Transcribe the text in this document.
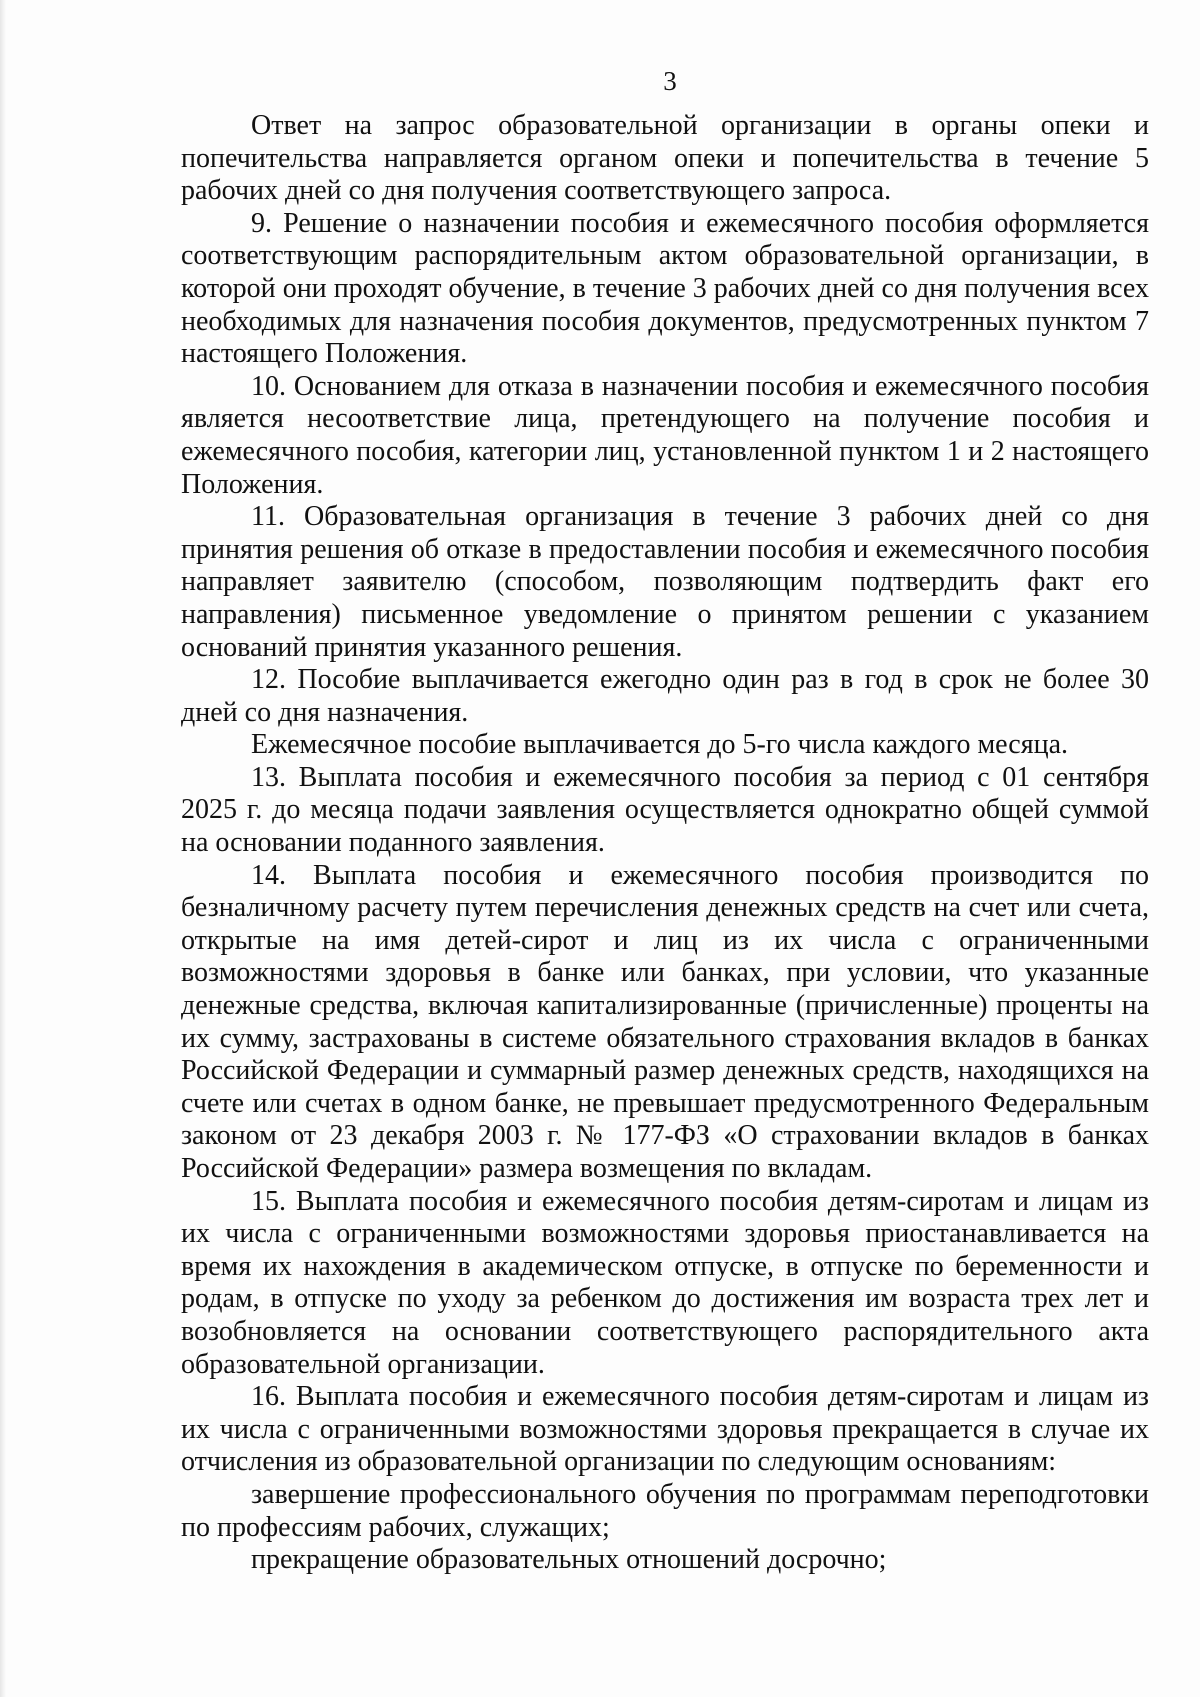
3

Ответ на запрос образовательной организации в органы опеки и попечительства направляется органом опеки и попечительства в течение 5 рабочих дней со дня получения соответствующего запроса.

9. Решение о назначении пособия и ежемесячного пособия оформляется соответствующим распорядительным актом образовательной организации, в которой они проходят обучение, в течение 3 рабочих дней со дня получения всех необходимых для назначения пособия документов, предусмотренных пунктом 7 настоящего Положения.

10. Основанием для отказа в назначении пособия и ежемесячного пособия является несоответствие лица, претендующего на получение пособия и ежемесячного пособия, категории лиц, установленной пунктом 1 и 2 настоящего Положения.

11. Образовательная организация в течение 3 рабочих дней со дня принятия решения об отказе в предоставлении пособия и ежемесячного пособия направляет заявителю (способом, позволяющим подтвердить факт его направления) письменное уведомление о принятом решении с указанием оснований принятия указанного решения.

12. Пособие выплачивается ежегодно один раз в год в срок не более 30 дней со дня назначения.

Ежемесячное пособие выплачивается до 5-го числа каждого месяца.

13. Выплата пособия и ежемесячного пособия за период с 01 сентября 2025 г. до месяца подачи заявления осуществляется однократно общей суммой на основании поданного заявления.

14. Выплата пособия и ежемесячного пособия производится по безналичному расчету путем перечисления денежных средств на счет или счета, открытые на имя детей-сирот и лиц из их числа с ограниченными возможностями здоровья в банке или банках, при условии, что указанные денежные средства, включая капитализированные (причисленные) проценты на их сумму, застрахованы в системе обязательного страхования вкладов в банках Российской Федерации и суммарный размер денежных средств, находящихся на счете или счетах в одном банке, не превышает предусмотренного Федеральным законом от 23 декабря 2003 г. № 177-ФЗ «О страховании вкладов в банках Российской Федерации» размера возмещения по вкладам.

15. Выплата пособия и ежемесячного пособия детям-сиротам и лицам из их числа с ограниченными возможностями здоровья приостанавливается на время их нахождения в академическом отпуске, в отпуске по беременности и родам, в отпуске по уходу за ребенком до достижения им возраста трех лет и возобновляется на основании соответствующего распорядительного акта образовательной организации.

16. Выплата пособия и ежемесячного пособия детям-сиротам и лицам из их числа с ограниченными возможностями здоровья прекращается в случае их отчисления из образовательной организации по следующим основаниям:

завершение профессионального обучения по программам переподготовки по профессиям рабочих, служащих;

прекращение образовательных отношений досрочно;
